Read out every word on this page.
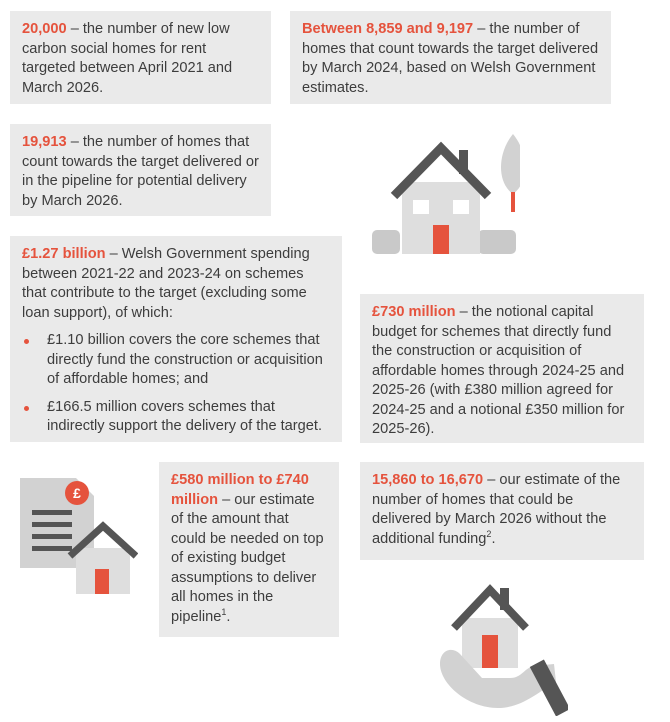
20,000 – the number of new low carbon social homes for rent targeted between April 2021 and March 2026.
Between 8,859 and 9,197 – the number of homes that count towards the target delivered by March 2024, based on Welsh Government estimates.
19,913 – the number of homes that count towards the target delivered or in the pipeline for potential delivery by March 2026.
£1.27 billion – Welsh Government spending between 2021-22 and 2023-24 on schemes that contribute to the target (excluding some loan support), of which:
£1.10 billion covers the core schemes that directly fund the construction or acquisition of affordable homes; and
£166.5 million covers schemes that indirectly support the delivery of the target.
£730 million – the notional capital budget for schemes that directly fund the construction or acquisition of affordable homes through 2024-25 and 2025-26 (with £380 million agreed for 2024-25 and a notional £350 million for 2025-26).
£
£580 million to £740 million – our estimate of the amount that could be needed on top of existing budget assumptions to deliver all homes in the pipeline$^1$.
15,860 to 16,670 – our estimate of the number of homes that could be delivered by March 2026 without the additional funding$^2$.
